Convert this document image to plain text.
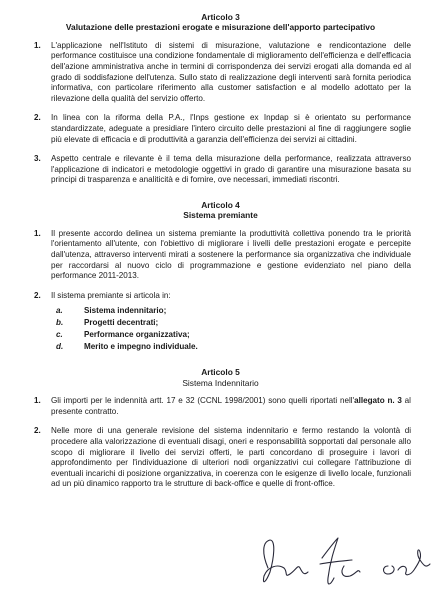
Articolo 3

Valutazione delle prestazioni erogate e misurazione dell'apporto partecipativo

1.	L'applicazione nell'Istituto di sistemi di misurazione, valutazione e rendicontazione delle performance costituisce una condizione fondamentale di miglioramento dell'efficienza e dell'efficacia dell'azione amministrativa anche in termini di corrispondenza dei servizi erogati alla domanda ed al grado di soddisfazione dell'utenza. Sullo stato di realizzazione degli interventi sarà fornita periodica informativa, con particolare riferimento alla customer satisfaction e al modello adottato per la rilevazione della qualità del servizio offerto.
2.	In linea con la riforma della P.A., l'Inps gestione ex Inpdap si è orientato su performance standardizzate, adeguate a presidiare l'intero circuito delle prestazioni al fine di raggiungere soglie più elevate di efficacia e di produttività a garanzia dell'efficienza dei servizi ai cittadini.
3.	Aspetto centrale e rilevante è il tema della misurazione della performance, realizzata attraverso l'applicazione di indicatori e metodologie oggettivi in grado di garantire una misurazione basata su principi di trasparenza e analiticità e di fornire, ove necessari, immediati riscontri.

Articolo 4

Sistema premiante

1.	Il presente accordo delinea un sistema premiante la produttività collettiva ponendo tra le priorità l'orientamento all'utente, con l'obiettivo di migliorare i livelli delle prestazioni erogate e percepite dall'utenza, attraverso interventi mirati a sostenere la performance sia organizzativa che individuale per raccordarsi al nuovo ciclo di programmazione e gestione evidenziato nel piano della performance 2011-2013.
2.	Il sistema premiante si articola in:
a.	Sistema indennitario;
b.	Progetti decentrati;
c.	Performance organizzativa;
d.	Merito e impegno individuale.

Articolo 5

Sistema Indennitario

1.	Gli importi per le indennità artt. 17 e 32 (CCNL 1998/2001) sono quelli riportati nell'allegato n. 3 al presente contratto.
2.	Nelle more di una generale revisione del sistema indennitario e fermo restando la volontà di procedere alla valorizzazione di eventuali disagi, oneri e responsabilità sopportati dal personale allo scopo di migliorare il livello dei servizi offerti, le parti concordano di proseguire i lavori di approfondimento per l'individuazione di ulteriori nodi organizzativi cui collegare l'attribuzione di eventuali incarichi di posizione organizzativa, in coerenza con le esigenze di livello locale, funzionali ad un più dinamico rapporto tra le strutture di back-office e quelle di front-office.
